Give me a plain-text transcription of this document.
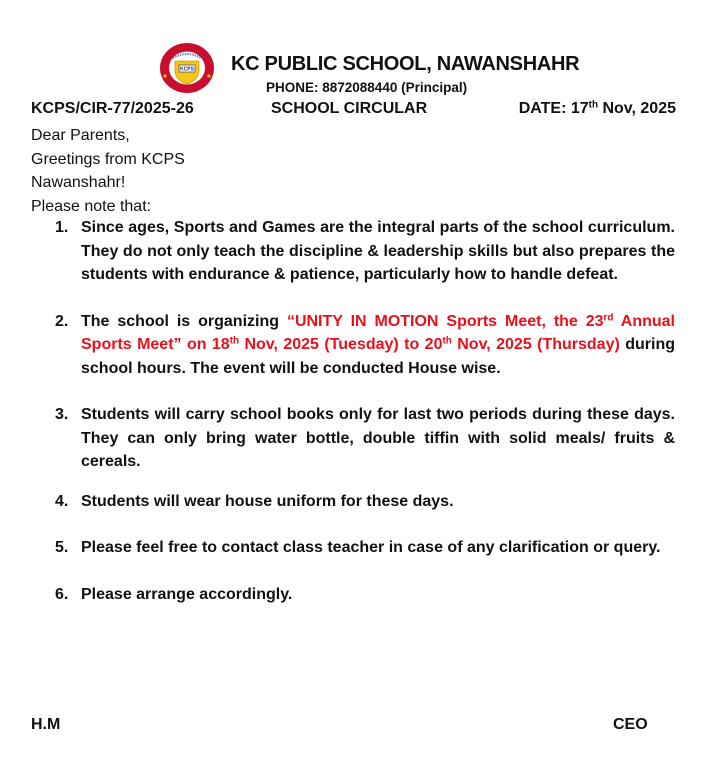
KCPS KC PUBLIC SCHOOL, NAWANSHAHR
PHONE: 8872088440 (Principal)
KCPS/CIR-77/2025-26	SCHOOL CIRCULAR	DATE: 17th Nov, 2025
Dear Parents,
Greetings from KCPS
Nawanshahr!
Please note that:
1. Since ages, Sports and Games are the integral parts of the school curriculum. They do not only teach the discipline & leadership skills but also prepares the students with endurance & patience, particularly how to handle defeat.
2. The school is organizing “UNITY IN MOTION Sports Meet, the 23rd Annual Sports Meet” on 18th Nov, 2025 (Tuesday) to 20th Nov, 2025 (Thursday) during school hours. The event will be conducted House wise.
3. Students will carry school books only for last two periods during these days. They can only bring water bottle, double tiffin with solid meals/ fruits & cereals.
4. Students will wear house uniform for these days.
5. Please feel free to contact class teacher in case of any clarification or query.
6. Please arrange accordingly.
H.M	CEO
